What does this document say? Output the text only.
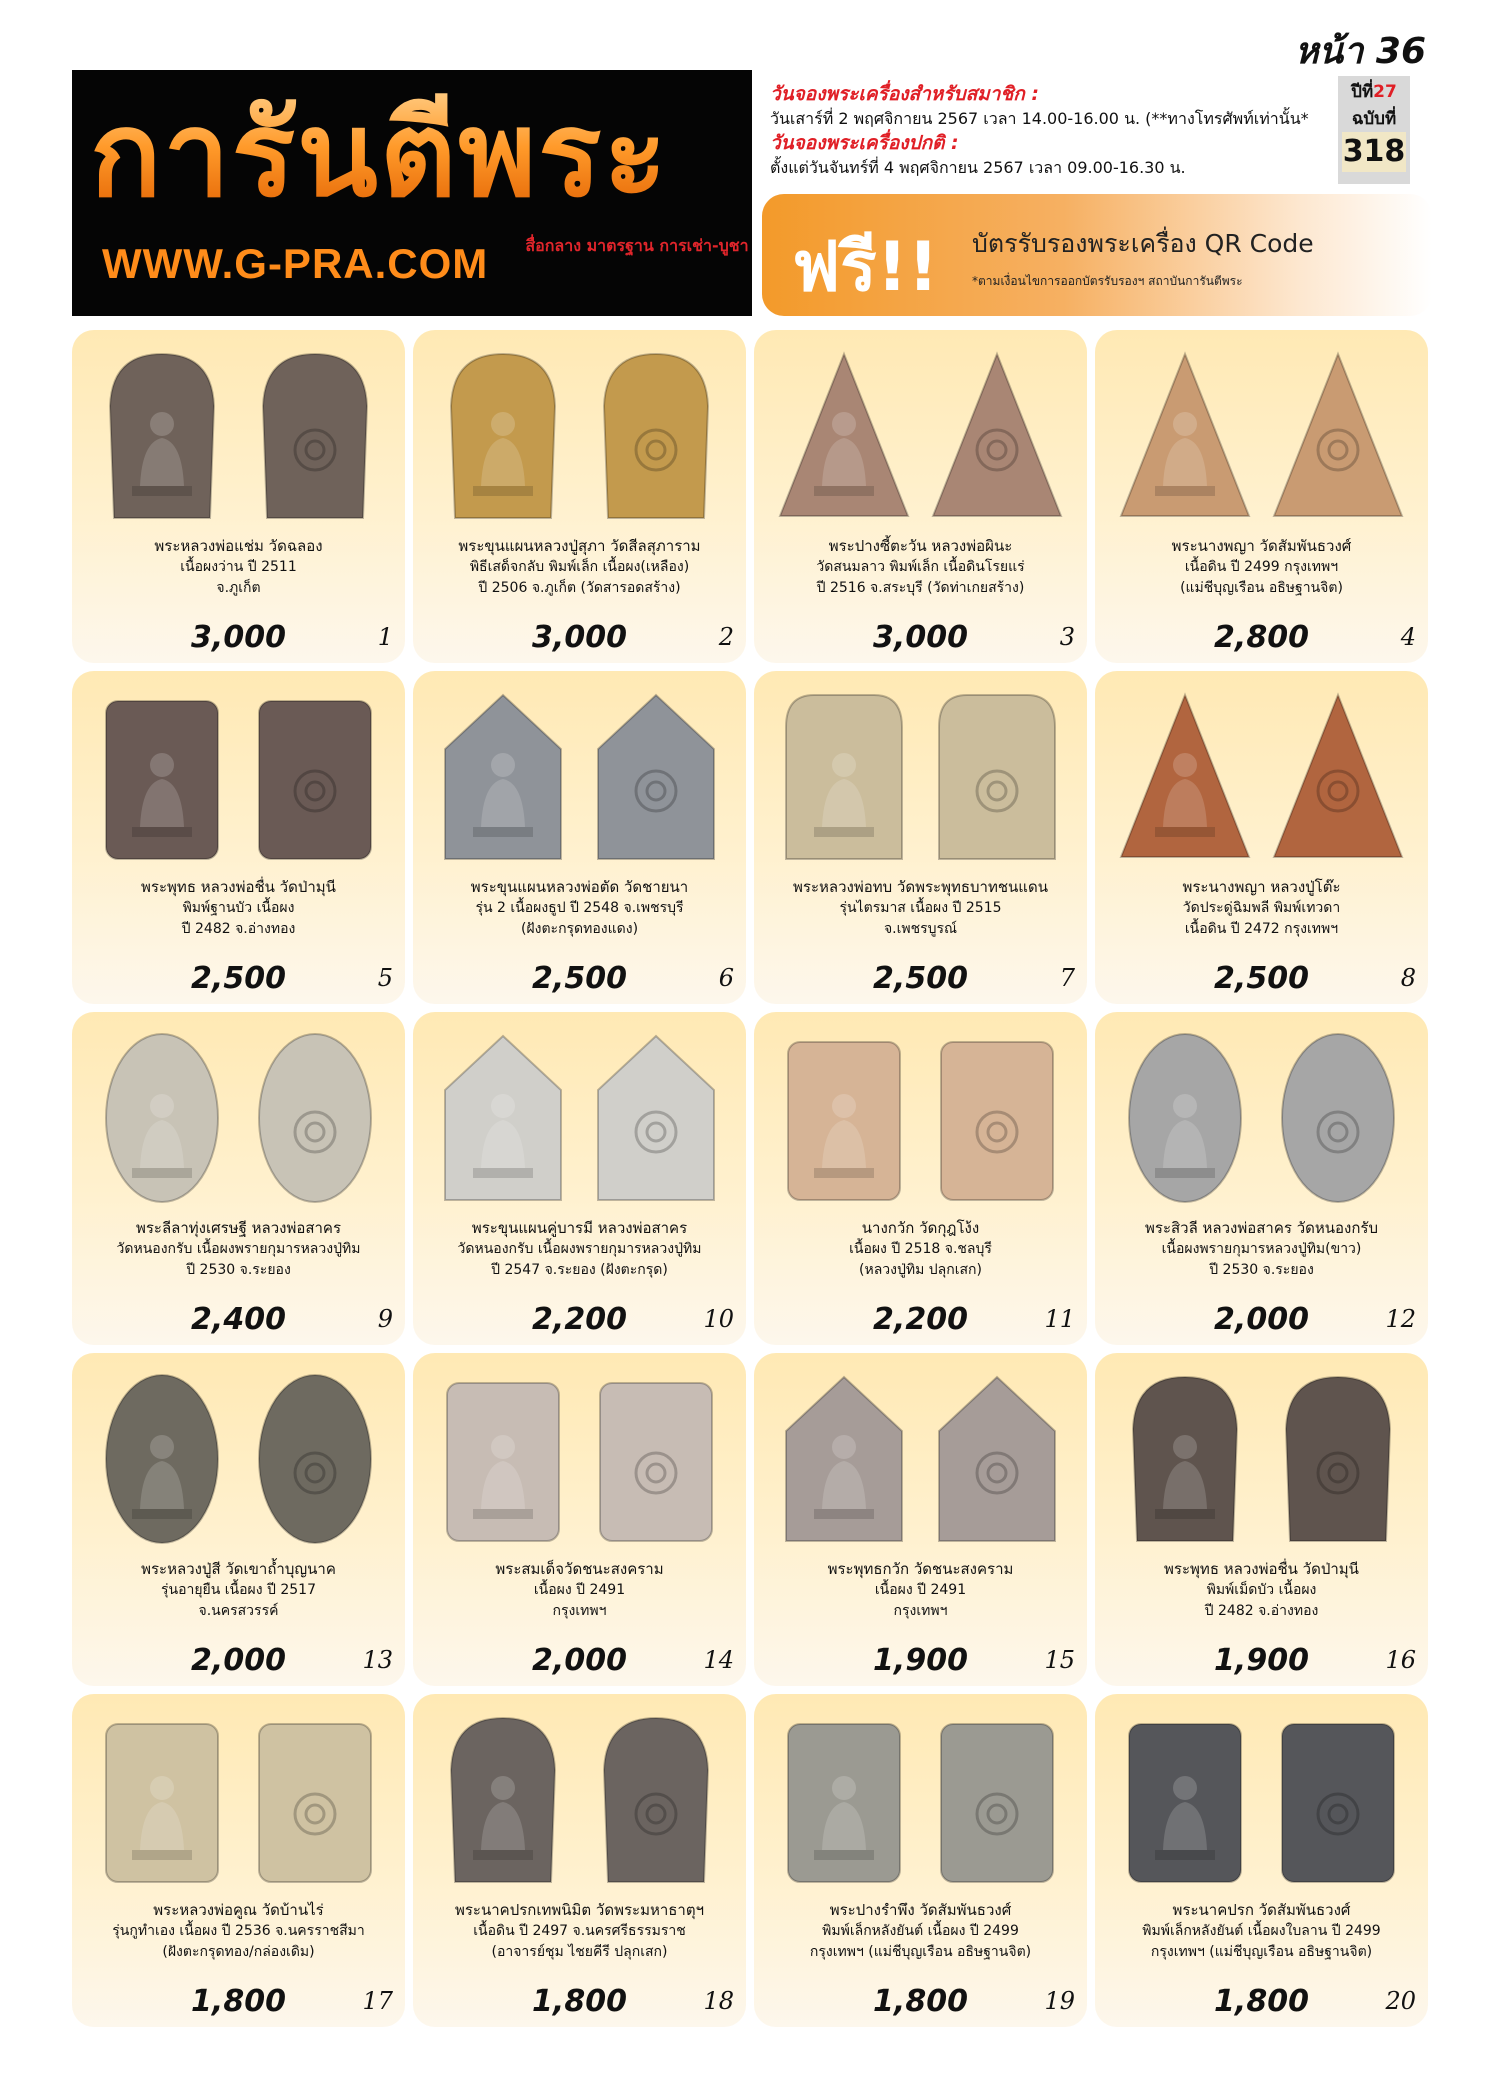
หน้า 36
การันตีพระ
WWW.G-PRA.COM สื่อกลาง มาตรฐาน การเช่า-บูชา
วันจองพระเครื่องสำหรับสมาชิก :
วันเสาร์ที่ 2 พฤศจิกายน 2567 เวลา 14.00-16.00 น. (**ทางโทรศัพท์เท่านั้น*
วันจองพระเครื่องปกติ :
ตั้งแต่วันจันทร์ที่ 4 พฤศจิกายน 2567 เวลา 09.00-16.30 น.
ปีที่27
ฉบับที่
318
ฟรี!! บัตรรับรองพระเครื่อง QR Code
*ตามเงื่อนไขการออกบัตรรับรองฯ สถาบันการันตีพระ
พระหลวงพ่อแช่ม วัดฉลอง
เนื้อผงว่าน ปี 2511
จ.ภูเก็ต
3,000	1
พระขุนแผนหลวงปู่สุภา วัดสีลสุภาราม
พิธีเสด็จกลับ พิมพ์เล็ก เนื้อผง(เหลือง)
ปี 2506 จ.ภูเก็ต (วัดสารอดสร้าง)
3,000	2
พระปางซี้ตะวัน หลวงพ่อผินะ
วัดสนมลาว พิมพ์เล็ก เนื้อดินโรยแร่
ปี 2516 จ.สระบุรี (วัดท่าเกยสร้าง)
3,000	3
พระนางพญา วัดสัมพันธวงศ์
เนื้อดิน ปี 2499 กรุงเทพฯ
(แม่ชีบุญเรือน อธิษฐานจิต)
2,800	4
พระพุทธ หลวงพ่อชื่น วัดป่ามุนี
พิมพ์ฐานบัว เนื้อผง
ปี 2482 จ.อ่างทอง
2,500	5
พระขุนแผนหลวงพ่อตัด วัดชายนา
รุ่น 2 เนื้อผงธูป ปี 2548 จ.เพชรบุรี
(ฝังตะกรุดทองแดง)
2,500	6
พระหลวงพ่อทบ วัดพระพุทธบาทชนแดน
รุ่นไตรมาส เนื้อผง ปี 2515
จ.เพชรบูรณ์
2,500	7
พระนางพญา หลวงปู่โต๊ะ
วัดประดู่ฉิมพลี พิมพ์เทวดา
เนื้อดิน ปี 2472 กรุงเทพฯ
2,500	8
พระลีลาทุ่งเศรษฐี หลวงพ่อสาคร
วัดหนองกรับ เนื้อผงพรายกุมารหลวงปู่ทิม
ปี 2530 จ.ระยอง
2,400	9
พระขุนแผนคู่บารมี หลวงพ่อสาคร
วัดหนองกรับ เนื้อผงพรายกุมารหลวงปู่ทิม
ปี 2547 จ.ระยอง (ฝังตะกรุด)
2,200	10
นางกวัก วัดกุฎโง้ง
เนื้อผง ปี 2518 จ.ชลบุรี
(หลวงปู่ทิม ปลุกเสก)
2,200	11
พระสิวลี หลวงพ่อสาคร วัดหนองกรับ
เนื้อผงพรายกุมารหลวงปู่ทิม(ขาว)
ปี 2530 จ.ระยอง
2,000	12
พระหลวงปู่สี วัดเขาถ้ำบุญนาค
รุ่นอายุยืน เนื้อผง ปี 2517
จ.นครสวรรค์
2,000	13
พระสมเด็จวัดชนะสงคราม
เนื้อผง ปี 2491
กรุงเทพฯ
2,000	14
พระพุทธกวัก วัดชนะสงคราม
เนื้อผง ปี 2491
กรุงเทพฯ
1,900	15
พระพุทธ หลวงพ่อชื่น วัดป่ามุนี
พิมพ์เม็ดบัว เนื้อผง
ปี 2482 จ.อ่างทอง
1,900	16
พระหลวงพ่อคูณ วัดบ้านไร่
รุ่นกูทำเอง เนื้อผง ปี 2536 จ.นครราชสีมา
(ฝังตะกรุดทอง/กล่องเดิม)
1,800	17
พระนาคปรกเทพนิมิต วัดพระมหาธาตุฯ
เนื้อดิน ปี 2497 จ.นครศรีธรรมราช
(อาจารย์ชุม ไชยคีรี ปลุกเสก)
1,800	18
พระปางรำพึง วัดสัมพันธวงศ์
พิมพ์เล็กหลังยันต์ เนื้อผง ปี 2499
กรุงเทพฯ (แม่ชีบุญเรือน อธิษฐานจิต)
1,800	19
พระนาคปรก วัดสัมพันธวงศ์
พิมพ์เล็กหลังยันต์ เนื้อผงใบลาน ปี 2499
กรุงเทพฯ (แม่ชีบุญเรือน อธิษฐานจิต)
1,800	20
